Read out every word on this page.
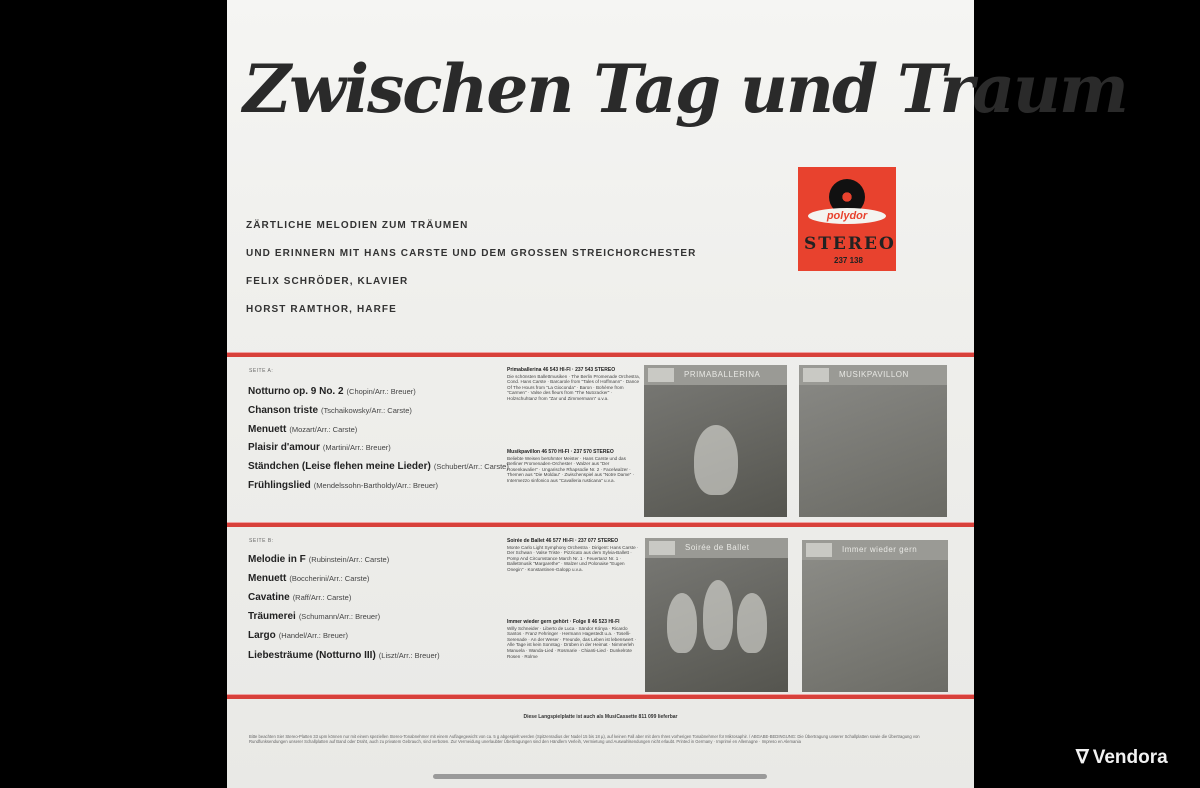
Zwischen Tag und Traum
polydor
STEREO
237 138
ZÄRTLICHE MELODIEN ZUM TRÄUMEN
UND ERINNERN MIT HANS CARSTE UND DEM GROSSEN STREICHORCHESTER
FELIX SCHRÖDER, KLAVIER
HORST RAMTHOR, HARFE
SEITE A:
Notturno op. 9 No. 2 (Chopin/Arr.: Breuer)
Chanson triste (Tschaikowsky/Arr.: Carste)
Menuett (Mozart/Arr.: Carste)
Plaisir d'amour (Martini/Arr.: Breuer)
Ständchen (Leise flehen meine Lieder) (Schubert/Arr.: Carste)
Frühlingslied (Mendelssohn-Bartholdy/Arr.: Breuer)
SEITE B:
Melodie in F (Rubinstein/Arr.: Carste)
Menuett (Boccherini/Arr.: Carste)
Cavatine (Raff/Arr.: Carste)
Träumerei (Schumann/Arr.: Breuer)
Largo (Handel/Arr.: Breuer)
Liebesträume (Notturno III) (Liszt/Arr.: Breuer)
Primaballerina 46 543 HI-FI · 237 543 STEREO
Die schönsten Ballettmusiken · The Berlin Promenade Orchestra, Cond. Hans Carste · Barcarole from "Tales of Hoffmann" · Dance Of The Hours from "La Gioconda" · Baron · Bohème from "Carmen" · Valse des fleurs from "The Nutcracker" · Holzschuhtanz from "Zar und Zimmermann" u.v.a.
Musikpavillon 46 570 HI-FI · 237 570 STEREO
Beliebte Weisen berühmter Meister · Hans Carste und das Berliner Promenaden-Orchester · Walzer aus "Der Rosenkavalier" · Ungarische Rhapsodie Nr. 2 · Facelwalzer · Themen aus "Die Moldau" · Zwischenspiel aus "Notre Dame" · Intermezzo sinfonico aus "Cavalleria rusticana" u.v.a.
Soirée de Ballet 46 577 HI-FI · 237 077 STEREO
Monte Carlo Light Symphony Orchestra · Dirigent: Hans Carste · Der Schwan · Valse Triste · Pizzicato aus dem Sylvia-Ballett · Pomp And Circumstance March Nr. 1 · Feuertanz Nr. 1 · Ballettmusik "Margarethe" · Walzer und Polonaise "Eugen Onegin" · Konstantinen-Galopp u.v.a.
Immer wieder gern gehört · Folge II 46 523 HI-FI
Willy Schneider · Liberto de Luca · Sändor Kónya · Ricardo Santos · Franz Fehringer · Hermann Hagestedt u.a. · Toselli-Serenade · An der Weser · Freunde, das Leben ist lebenswert · Alle Tage ist kein Sonntag · Drüben in der Heimat · Nimmerleh Manuela · Wanda-Lied · Rosmarie · Chianti-Lied · Dunkelrote Rosen · Rolme
PRIMABALLERINA	MUSIKPAVILLON
Soirée de Ballet	Immer wieder gern
Diese Langspielplatte ist auch als MusiCassette 811 099 lieferbar
Bitte beachten Sie! Stereo-Platten 33 upm können nur mit einem speziellen Stereo-Tonabnehmer mit einem Auflagegewicht von ca. 5 g abgespielt werden (Spitzenradius der Nadel 15 bis 18 µ), auf keinen Fall aber mit dem Ihres vorherigen Tonabnehmer für Mikrosaphir. / ABGABE-BEDINGUNG: Die Übertragung unserer Schallplatten sowie die Übertragung von Rundfunksendungen unserer Schallplatten auf Band oder Draht, auch zu privatem Gebrauch, sind verboten. Zur Vermeidung unerlaubter Übertragungen sind den Händlern Verleih, Vermietung und Auswahlsendungen nicht erlaubt. Printed in Germany · Imprimé en Allemagne · Impreso en Alemania
∇ Vendora
